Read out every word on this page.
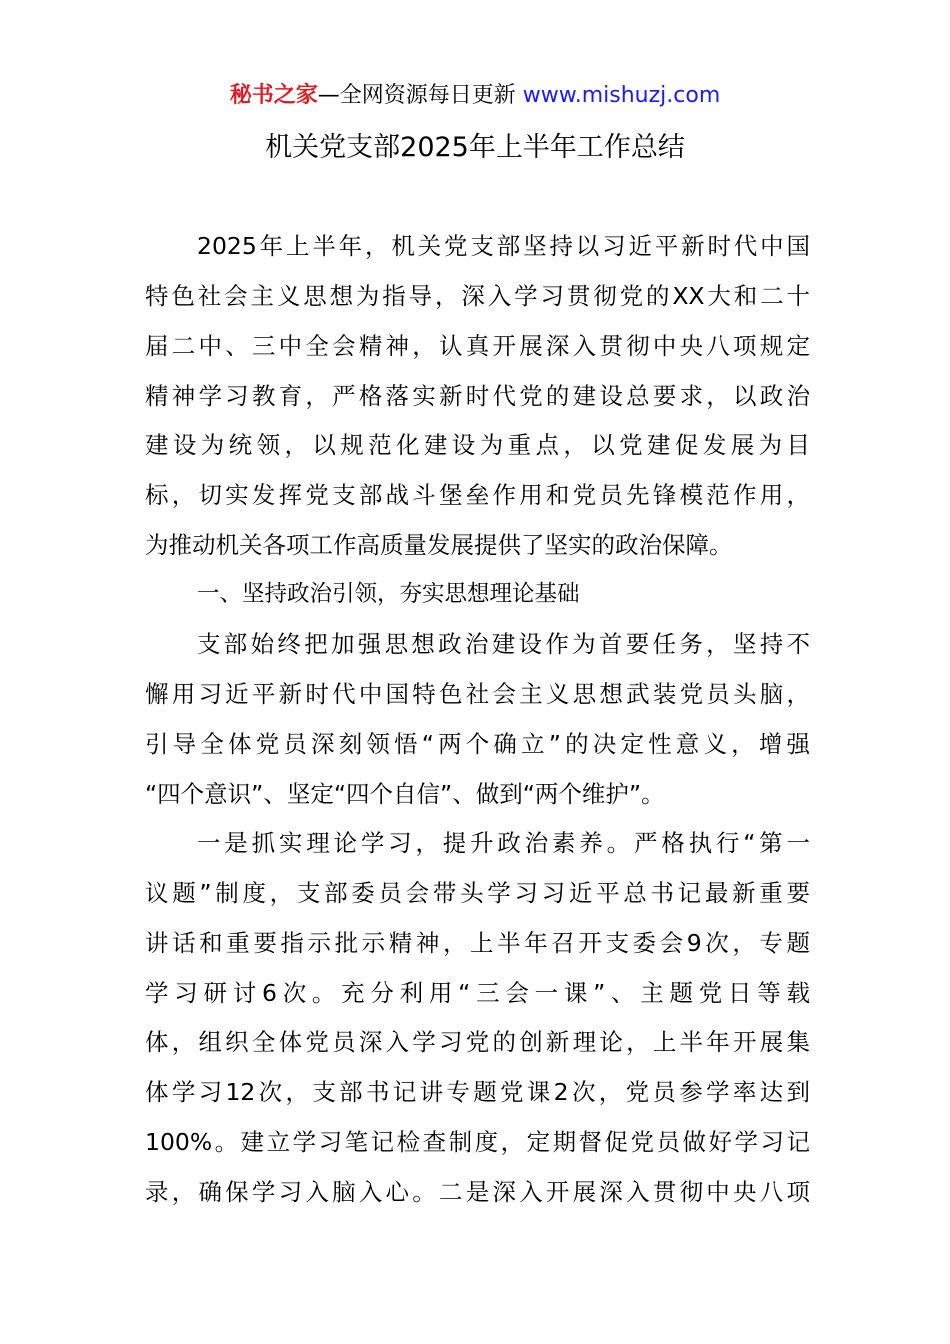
秘书之家—全网资源每日更新 www.mishuzj.com
机关党支部2025年上半年工作总结
2025年上半年，机关党支部坚持以习近平新时代中国
特色社会主义思想为指导，深入学习贯彻党的XX大和二十
届二中、三中全会精神，认真开展深入贯彻中央八项规定
精神学习教育，严格落实新时代党的建设总要求，以政治
建设为统领，以规范化建设为重点，以党建促发展为目
标，切实发挥党支部战斗堡垒作用和党员先锋模范作用，
为推动机关各项工作高质量发展提供了坚实的政治保障。
一、坚持政治引领，夯实思想理论基础
支部始终把加强思想政治建设作为首要任务，坚持不
懈用习近平新时代中国特色社会主义思想武装党员头脑，
引导全体党员深刻领悟“两个确立”的决定性意义，增强
“四个意识”、坚定“四个自信”、做到“两个维护”。
一是抓实理论学习，提升政治素养。严格执行“第一
议题”制度，支部委员会带头学习习近平总书记最新重要
讲话和重要指示批示精神，上半年召开支委会9次，专题
学习研讨6次。充分利用“三会一课”、主题党日等载
体，组织全体党员深入学习党的创新理论，上半年开展集
体学习12次，支部书记讲专题党课2次，党员参学率达到
100%。建立学习笔记检查制度，定期督促党员做好学习记
录，确保学习入脑入心。二是深入开展深入贯彻中央八项
